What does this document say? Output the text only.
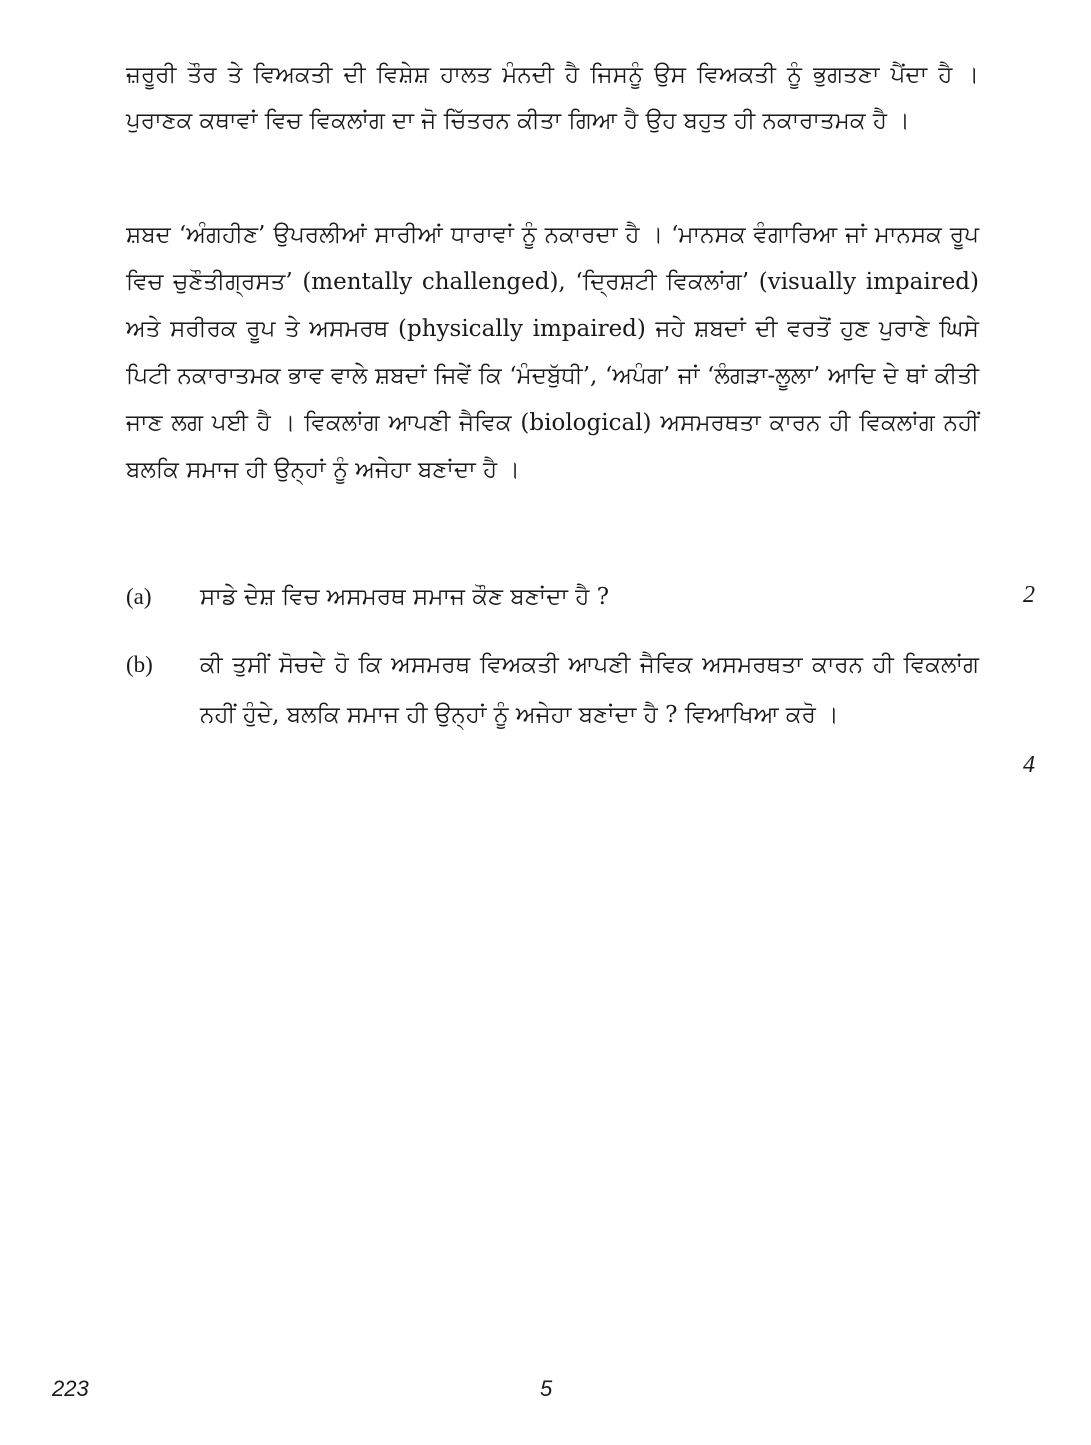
ਜ਼ਰੂਰੀ ਤੌਰ ਤੇ ਵਿਅਕਤੀ ਦੀ ਵਿਸ਼ੇਸ਼ ਹਾਲਤ ਮੰਨਦੀ ਹੈ ਜਿਸਨੂੰ ਉਸ ਵਿਅਕਤੀ ਨੂੰ ਭੁਗਤਣਾ ਪੈਂਦਾ ਹੈ । ਪੁਰਾਣਕ ਕਥਾਵਾਂ ਵਿਚ ਵਿਕਲਾਂਗ ਦਾ ਜੋ ਚਿੱਤਰਨ ਕੀਤਾ ਗਿਆ ਹੈ ਉਹ ਬਹੁਤ ਹੀ ਨਕਾਰਾਤਮਕ ਹੈ ।

ਸ਼ਬਦ ‘ਅੰਗਹੀਣ’ ਉਪਰਲੀਆਂ ਸਾਰੀਆਂ ਧਾਰਾਵਾਂ ਨੂੰ ਨਕਾਰਦਾ ਹੈ । ‘ਮਾਨਸਕ ਵੰਗਾਰਿਆ ਜਾਂ ਮਾਨਸਕ ਰੂਪ ਵਿਚ ਚੁਣੌਤੀਗ੍ਰਸਤ’ (mentally challenged), ‘ਦ੍ਰਿਸ਼ਟੀ ਵਿਕਲਾਂਗ’ (visually impaired) ਅਤੇ ਸਰੀਰਕ ਰੂਪ ਤੇ ਅਸਮਰਥ (physically impaired) ਜਹੇ ਸ਼ਬਦਾਂ ਦੀ ਵਰਤੋਂ ਹੁਣ ਪੁਰਾਣੇ ਘਿਸੇ ਪਿਟੀ ਨਕਾਰਾਤਮਕ ਭਾਵ ਵਾਲੇ ਸ਼ਬਦਾਂ ਜਿਵੇਂ ਕਿ ‘ਮੰਦਬੁੱਧੀ’, ‘ਅਪੰਗ’ ਜਾਂ ‘ਲੰਗੜਾ-ਲੂਲਾ’ ਆਦਿ ਦੇ ਥਾਂ ਕੀਤੀ ਜਾਣ ਲਗ ਪਈ ਹੈ । ਵਿਕਲਾਂਗ ਆਪਣੀ ਜੈਵਿਕ (biological) ਅਸਮਰਥਤਾ ਕਾਰਨ ਹੀ ਵਿਕਲਾਂਗ ਨਹੀਂ ਬਲਕਿ ਸਮਾਜ ਹੀ ਉਨ੍ਹਾਂ ਨੂੰ ਅਜੇਹਾ ਬਣਾਂਦਾ ਹੈ ।

(a) ਸਾਡੇ ਦੇਸ਼ ਵਿਚ ਅਸਮਰਥ ਸਮਾਜ ਕੌਣ ਬਣਾਂਦਾ ਹੈ ?	2
(b) ਕੀ ਤੁਸੀਂ ਸੋਚਦੇ ਹੋ ਕਿ ਅਸਮਰਥ ਵਿਅਕਤੀ ਆਪਣੀ ਜੈਵਿਕ ਅਸਮਰਥਤਾ ਕਾਰਨ ਹੀ ਵਿਕਲਾਂਗ ਨਹੀਂ ਹੁੰਦੇ, ਬਲਕਿ ਸਮਾਜ ਹੀ ਉਨ੍ਹਾਂ ਨੂੰ ਅਜੇਹਾ ਬਣਾਂਦਾ ਹੈ ? ਵਿਆਖਿਆ ਕਰੋ ।
4
223	5
